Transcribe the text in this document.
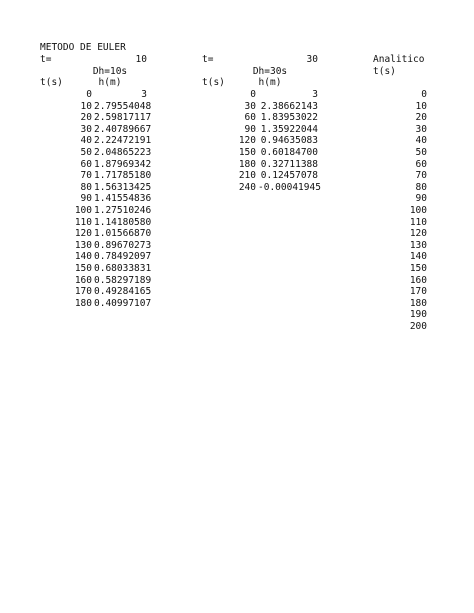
METODO DE EULER
t=	10
Dh=10s
t(s)	h(m)
t=	30
Dh=30s
t(s)	h(m)
Analitico
t(s)
0	3
10 2.79554048
20 2.59817117
30 2.40789667
40 2.22472191
50 2.04865223
60 1.87969342
70 1.71785180
80 1.56313425
90 1.41554836
100 1.27510246
110 1.14180580
120 1.01566870
130 0.89670273
140 0.78492097
150 0.68033831
160 0.58297189
170 0.49284165
180 0.40997107
0	3
30 2.38662143
60 1.83953022
90 1.35922044
120 0.94635083
150 0.60184700
180 0.32711388
210 0.12457078
240 -0.00041945
0
10
20
30
40
50
60
70
80
90
100
110
120
130
140
150
160
170
180
190
200
